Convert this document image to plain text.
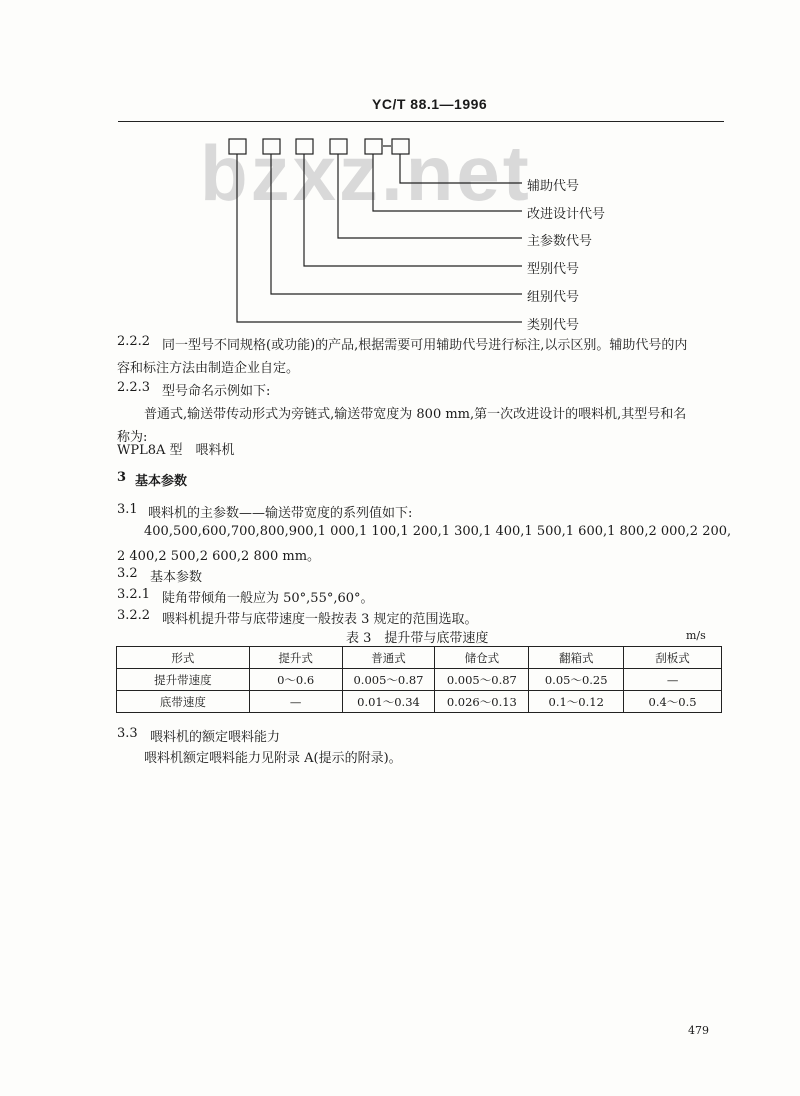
YC/T 88.1—1996
bzxz.net
辅助代号
改进设计代号
主参数代号
型别代号
组别代号
类别代号
2.2.2 同一型号不同规格(或功能)的产品,根据需要可用辅助代号进行标注,以示区别。辅助代号的内
容和标注方法由制造企业自定。
2.2.3 型号命名示例如下:
普通式,输送带传动形式为旁链式,输送带宽度为 800 mm,第一次改进设计的喂料机,其型号和名
称为:
WPL8A 型　喂料机
3 基本参数
3.1 喂料机的主参数——输送带宽度的系列值如下:
400,500,600,700,800,900,1 000,1 100,1 200,1 300,1 400,1 500,1 600,1 800,2 000,2 200,
2 400,2 500,2 600,2 800 mm。
3.2 基本参数
3.2.1 陡角带倾角一般应为 50°,55°,60°。
3.2.2 喂料机提升带与底带速度一般按表 3 规定的范围选取。
表 3　提升带与底带速度	m/s
形式	提升式	普通式	储仓式	翻箱式	刮板式
提升带速度	0～0.6	0.005～0.87	0.005～0.87	0.05～0.25	—
底带速度	—	0.01～0.34	0.026～0.13	0.1～0.12	0.4～0.5
3.3 喂料机的额定喂料能力
喂料机额定喂料能力见附录 A(提示的附录)。
479
